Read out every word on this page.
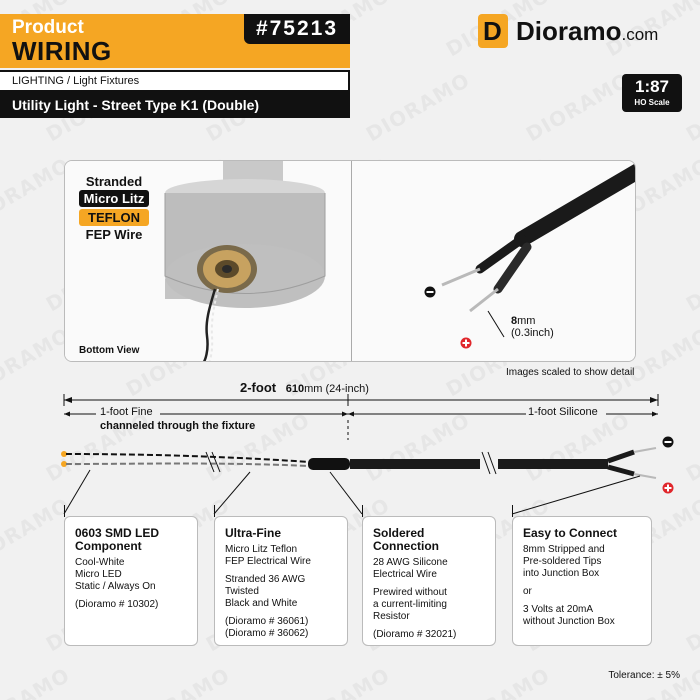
Product
WIRING
#75213
LIGHTING / Light Fixtures
Utility Light - Street Type K1 (Double)
D
Dioramo.com
1:87
HO Scale
Stranded
Micro Litz
TEFLON
FEP Wire
Bottom View
8mm
(0.3inch)
Images scaled to show detail
2-foot 610mm (24-inch)
1-foot Fine
channeled through the fixture
1-foot Silicone
0603 SMD LED
Component
Cool-White
Micro LED
Static / Always On
(Dioramo # 10302)
Ultra-Fine
Micro Litz Teflon
FEP Electrical Wire
Stranded 36 AWG
Twisted
Black and White
(Dioramo # 36061)
(Dioramo # 36062)
Soldered
Connection
28 AWG Silicone
Electrical Wire
Prewired without
a current-limiting
Resistor
(Dioramo # 32021)
Easy to Connect
8mm Stripped and
Pre-soldered Tips
into Junction Box
or
3 Volts at 20mA
without Junction Box
Tolerance: ± 5%
